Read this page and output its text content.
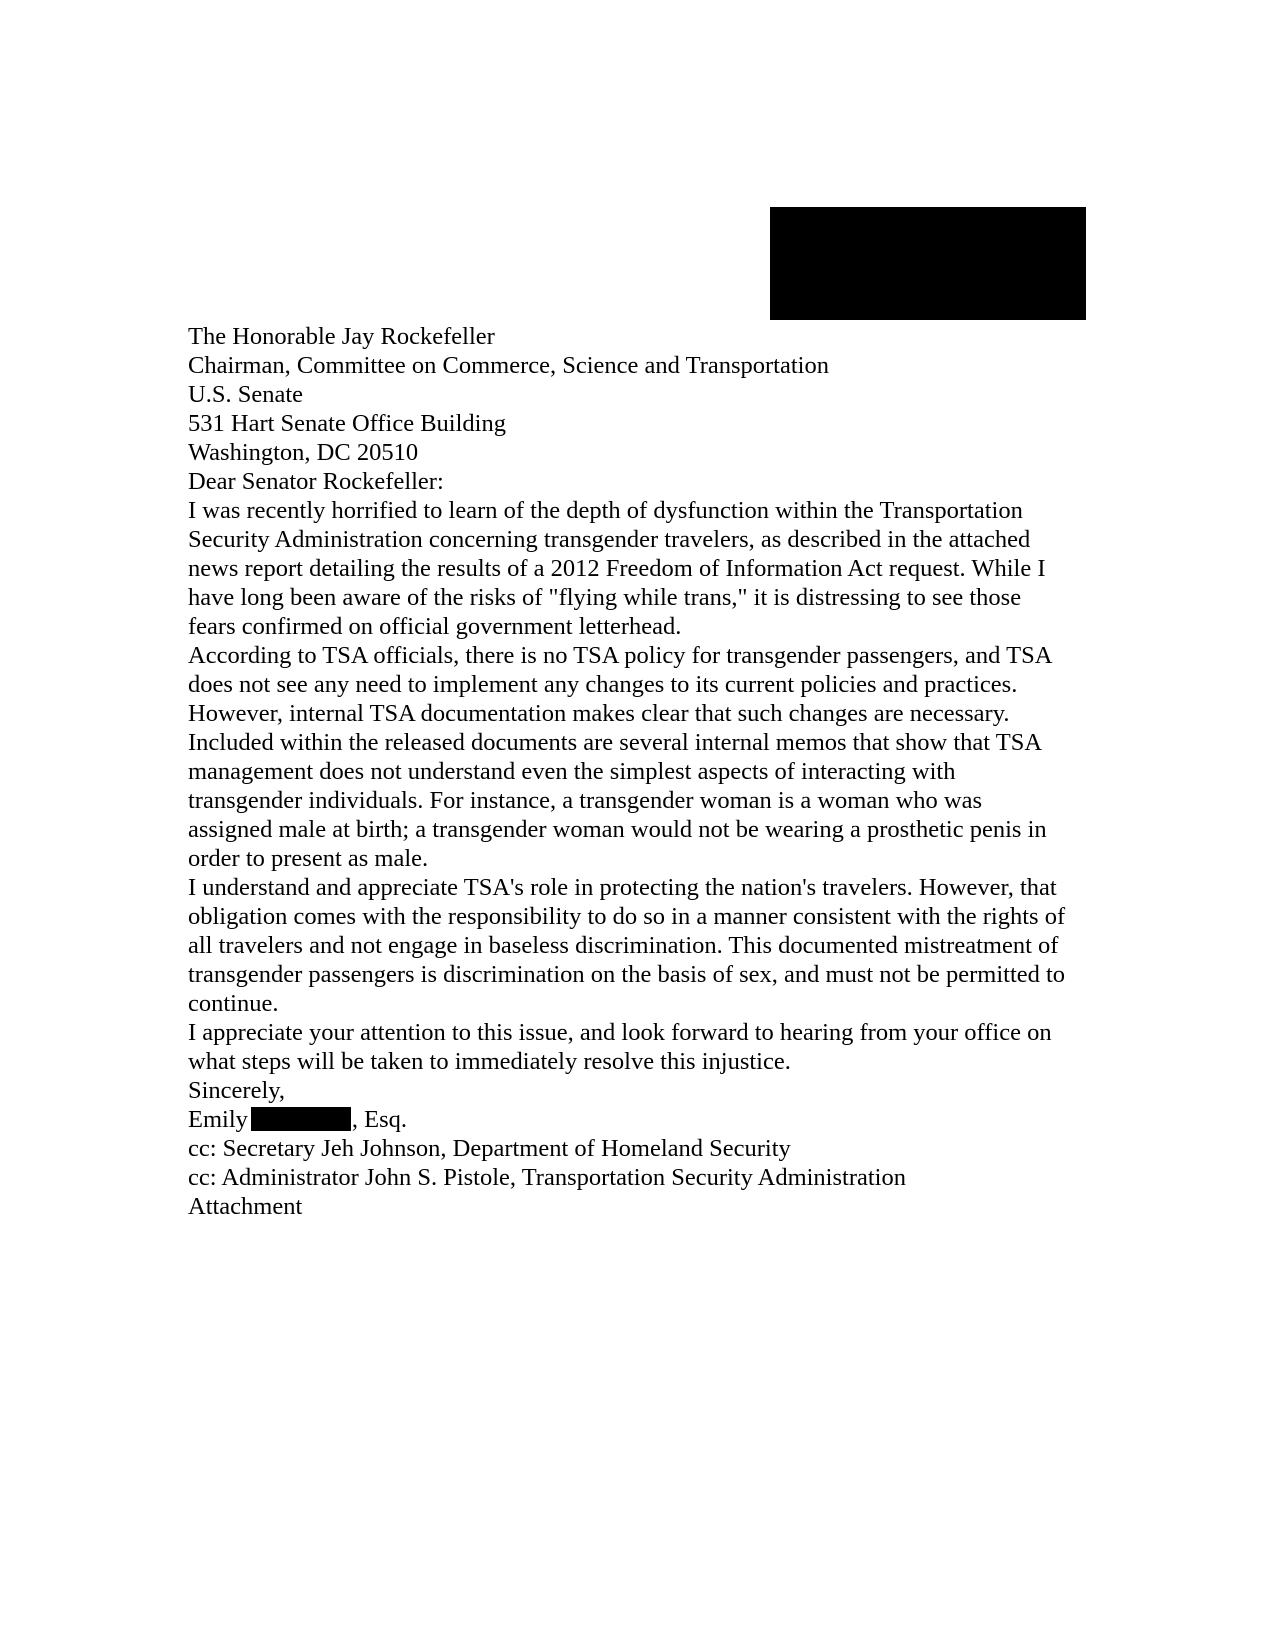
The Honorable Jay Rockefeller
Chairman, Committee on Commerce, Science and Transportation
U.S. Senate
531 Hart Senate Office Building
Washington, DC 20510

Dear Senator Rockefeller:

I was recently horrified to learn of the depth of dysfunction within the Transportation
Security Administration concerning transgender travelers, as described in the attached
news report detailing the results of a 2012 Freedom of Information Act request. While I
have long been aware of the risks of "flying while trans," it is distressing to see those
fears confirmed on official government letterhead.

According to TSA officials, there is no TSA policy for transgender passengers, and TSA
does not see any need to implement any changes to its current policies and practices.
However, internal TSA documentation makes clear that such changes are necessary.
Included within the released documents are several internal memos that show that TSA
management does not understand even the simplest aspects of interacting with
transgender individuals. For instance, a transgender woman is a woman who was
assigned male at birth; a transgender woman would not be wearing a prosthetic penis in
order to present as male.

I understand and appreciate TSA's role in protecting the nation's travelers. However, that
obligation comes with the responsibility to do so in a manner consistent with the rights of
all travelers and not engage in baseless discrimination. This documented mistreatment of
transgender passengers is discrimination on the basis of sex, and must not be permitted to
continue.

I appreciate your attention to this issue, and look forward to hearing from your office on
what steps will be taken to immediately resolve this injustice.

Sincerely,

Emily	, Esq.

cc: Secretary Jeh Johnson, Department of Homeland Security
cc: Administrator John S. Pistole, Transportation Security Administration
Attachment
